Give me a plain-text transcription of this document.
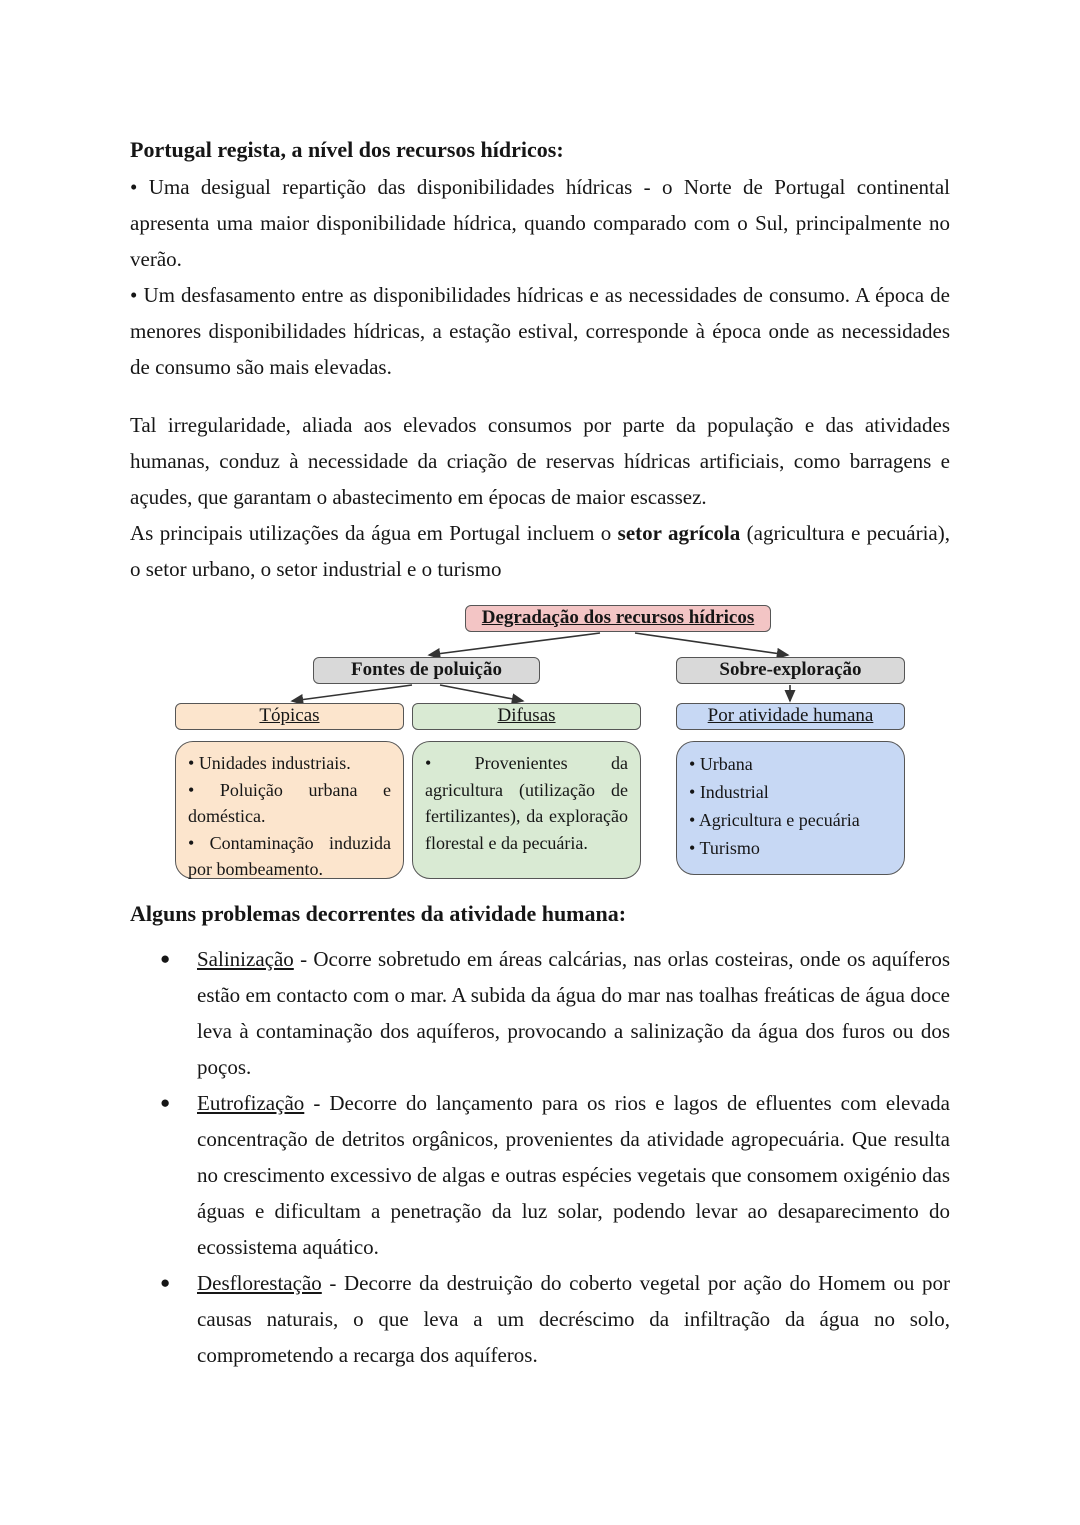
Portugal regista, a nível dos recursos hídricos:

• Uma desigual repartição das disponibilidades hídricas - o Norte de Portugal continental apresenta uma maior disponibilidade hídrica, quando comparado com o Sul, principalmente no verão.

• Um desfasamento entre as disponibilidades hídricas e as necessidades de consumo. A época de menores disponibilidades hídricas, a estação estival, corresponde à época onde as necessidades de consumo são mais elevadas.

Tal irregularidade, aliada aos elevados consumos por parte da população e das atividades humanas, conduz à necessidade da criação de reservas hídricas artificiais, como barragens e açudes, que garantam o abastecimento em épocas de maior escassez.

As principais utilizações da água em Portugal incluem o setor agrícola (agricultura e pecuária), o setor urbano, o setor industrial e o turismo

Degradação dos recursos hídricos
Fontes de poluição	Sobre-exploração
Tópicas	Difusas	Por atividade humana
• Unidades industriais.
• Poluição urbana e doméstica.
• Contaminação induzida por bombeamento.
• Provenientes da agricultura (utilização de fertilizantes), da exploração florestal e da pecuária.
• Urbana
• Industrial
• Agricultura e pecuária
• Turismo
Alguns problemas decorrentes da atividade humana:
● Salinização - Ocorre sobretudo em áreas calcárias, nas orlas costeiras, onde os aquíferos estão em contacto com o mar. A subida da água do mar nas toalhas freáticas de água doce leva à contaminação dos aquíferos, provocando a salinização da água dos furos ou dos poços.
● Eutrofização - Decorre do lançamento para os rios e lagos de efluentes com elevada concentração de detritos orgânicos, provenientes da atividade agropecuária. Que resulta no crescimento excessivo de algas e outras espécies vegetais que consomem oxigénio das águas e dificultam a penetração da luz solar, podendo levar ao desaparecimento do ecossistema aquático.
● Desflorestação - Decorre da destruição do coberto vegetal por ação do Homem ou por causas naturais, o que leva a um decréscimo da infiltração da água no solo, comprometendo a recarga dos aquíferos.
